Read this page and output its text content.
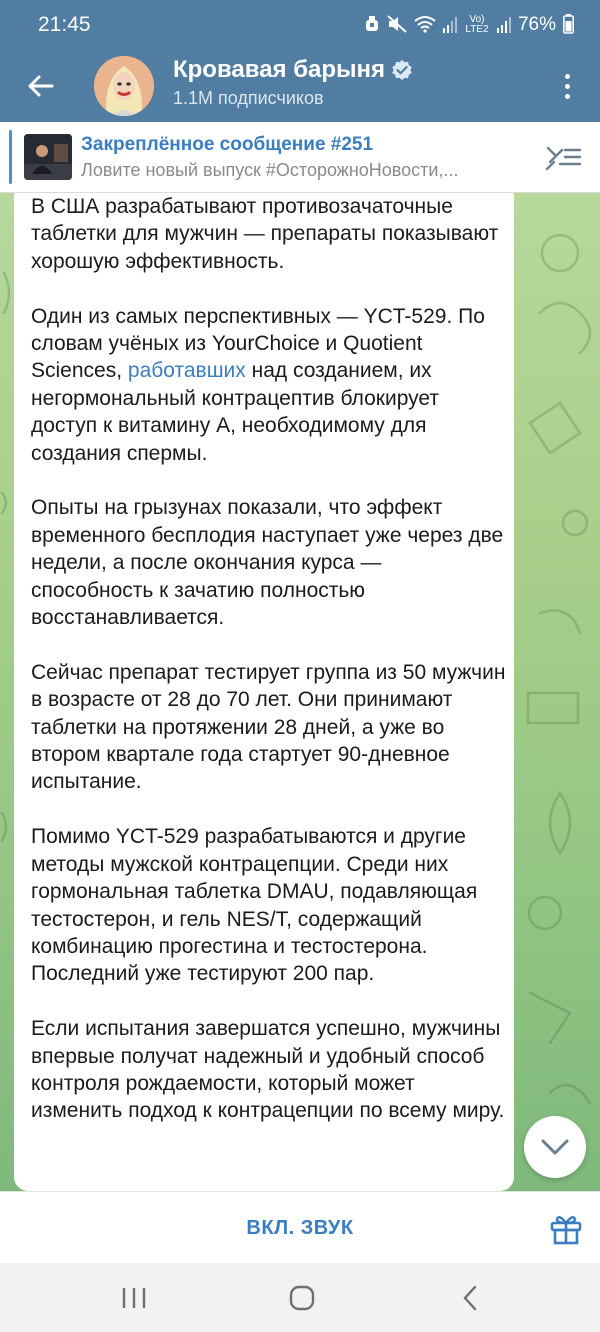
21:45	Vo) LTE2 76%
Кровавая барыня
1.1M подписчиков
Закреплённое сообщение #251
Ловите новый выпуск #ОсторожноНовости,...

В США разрабатывают противозачаточные таблетки для мужчин — препараты показывают хорошую эффективность.

Один из самых перспективных — YCT-529. По словам учёных из YourChoice и Quotient Sciences, работавших над созданием, их негормональный контрацептив блокирует доступ к витамину A, необходимому для создания спермы.

Опыты на грызунах показали, что эффект временного бесплодия наступает уже через две недели, а после окончания курса — способность к зачатию полностью восстанавливается.

Сейчас препарат тестирует группа из 50 мужчин в возрасте от 28 до 70 лет. Они принимают таблетки на протяжении 28 дней, а уже во втором квартале года стартует 90-дневное испытание.

Помимо YCT-529 разрабатываются и другие методы мужской контрацепции. Среди них гормональная таблетка DMAU, подавляющая тестостерон, и гель NES/T, содержащий комбинацию прогестина и тестостерона. Последний уже тестируют 200 пар.

Если испытания завершатся успешно, мужчины впервые получат надежный и удобный способ контроля рождаемости, который может изменить подход к контрацепции по всему миру.

ВКЛ. ЗВУК
